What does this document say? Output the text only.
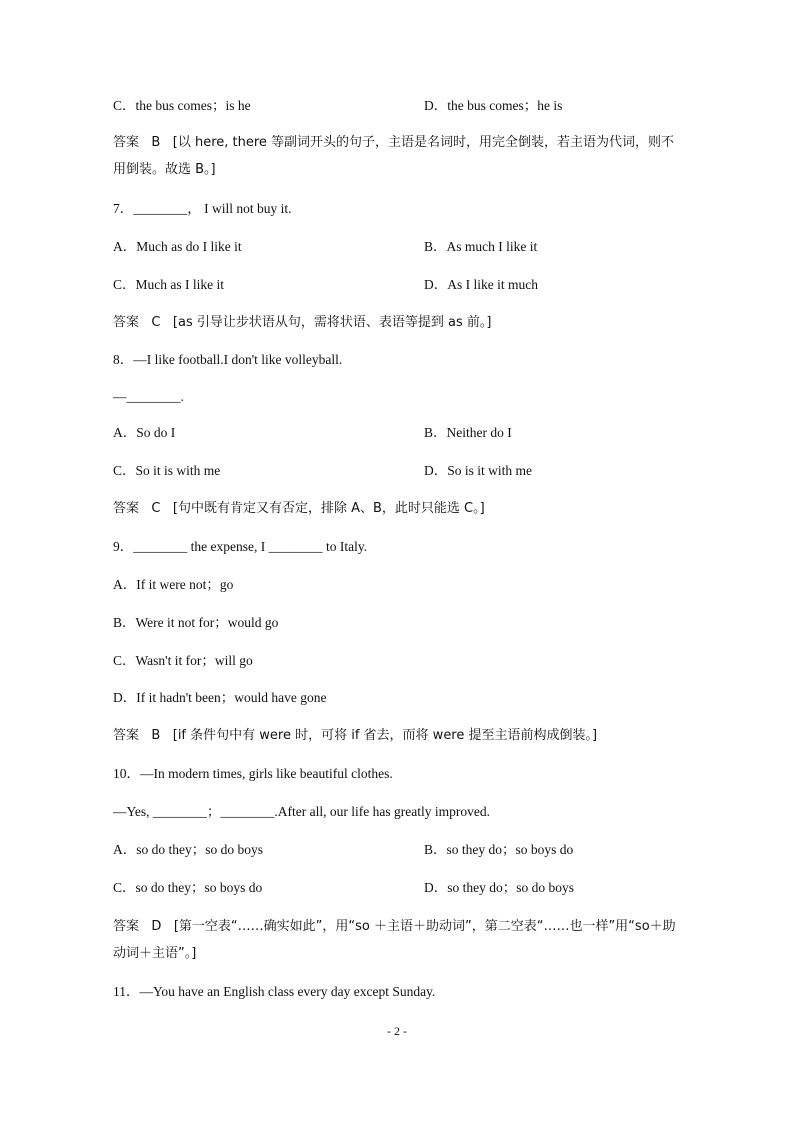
C．the bus comes；is he	D．the bus comes；he is
答案 B [以 here, there 等副词开头的句子，主语是名词时，用完全倒装，若主语为代词，则不用倒装。故选 B。]
7．________， I will not buy it.
A．Much as do I like it	B．As much I like it
C．Much as I like it	D．As I like it much
答案 C [as 引导让步状语从句，需将状语、表语等提到 as 前。]
8．—I like football.I don't like volleyball.
—________.
A．So do I	B．Neither do I
C．So it is with me	D．So is it with me
答案 C [句中既有肯定又有否定，排除 A、B，此时只能选 C。]
9．________ the expense, I ________ to Italy.
A．If it were not；go
B．Were it not for；would go
C．Wasn't it for；will go
D．If it hadn't been；would have gone
答案 B [if 条件句中有 were 时，可将 if 省去，而将 were 提至主语前构成倒装。]
10．—In modern times, girls like beautiful clothes.
—Yes, ________；________.After all, our life has greatly improved.
A．so do they；so do boys	B．so they do；so boys do
C．so do they；so boys do	D．so they do；so do boys
答案 D [第一空表“……确实如此”，用“so ＋主语＋助动词”，第二空表“……也一样”用“so＋助动词＋主语”。]
11．—You have an English class every day except Sunday.
- 2 -
